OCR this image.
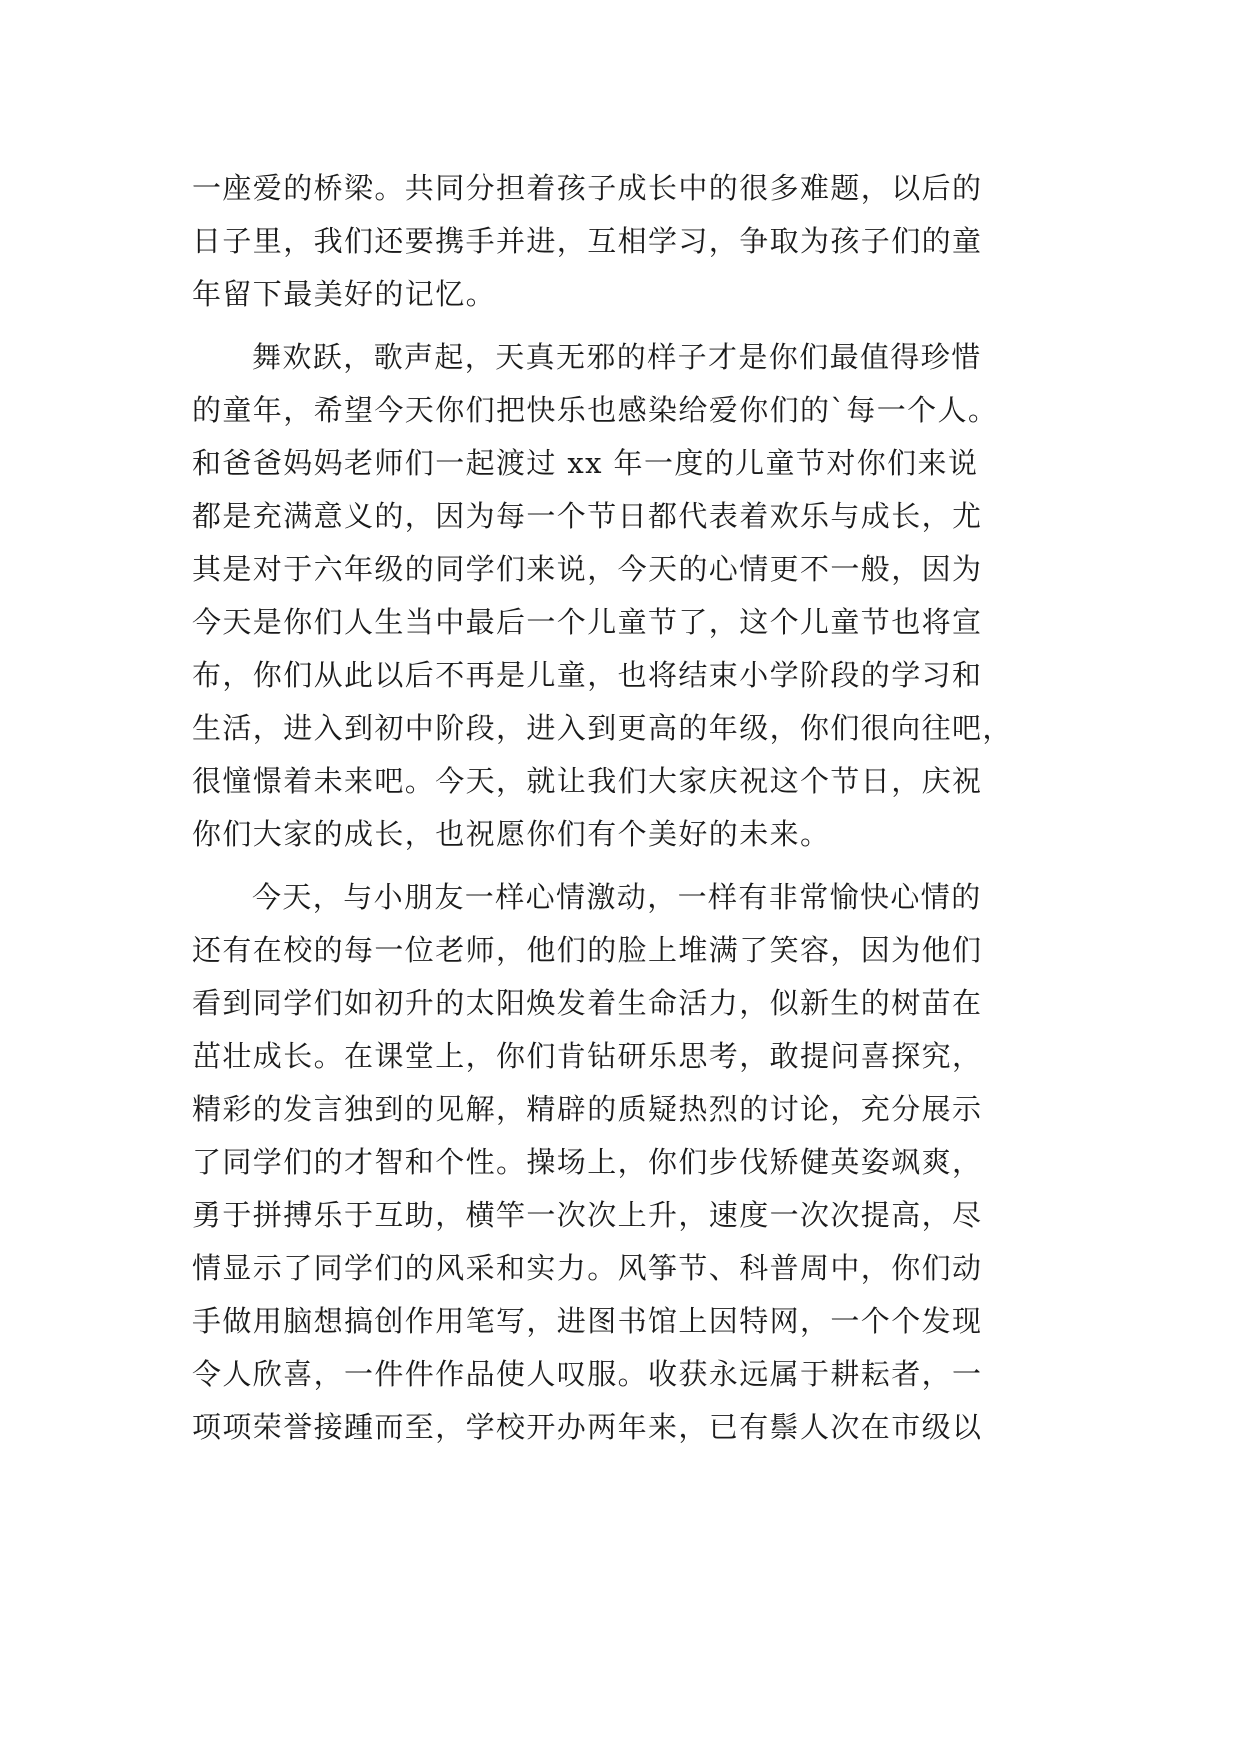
一座爱的桥梁。共同分担着孩子成长中的很多难题，以后的
日子里，我们还要携手并进，互相学习，争取为孩子们的童
年留下最美好的记忆。
舞欢跃，歌声起，天真无邪的样子才是你们最值得珍惜
的童年，希望今天你们把快乐也感染给爱你们的`每一个人。
和爸爸妈妈老师们一起渡过 xx 年一度的儿童节对你们来说
都是充满意义的，因为每一个节日都代表着欢乐与成长，尤
其是对于六年级的同学们来说，今天的心情更不一般，因为
今天是你们人生当中最后一个儿童节了，这个儿童节也将宣
布，你们从此以后不再是儿童，也将结束小学阶段的学习和
生活，进入到初中阶段，进入到更高的年级，你们很向往吧，
很憧憬着未来吧。今天，就让我们大家庆祝这个节日，庆祝
你们大家的成长，也祝愿你们有个美好的未来。
今天，与小朋友一样心情激动，一样有非常愉快心情的
还有在校的每一位老师，他们的脸上堆满了笑容，因为他们
看到同学们如初升的太阳焕发着生命活力，似新生的树苗在
茁壮成长。在课堂上，你们肯钻研乐思考，敢提问喜探究，
精彩的发言独到的见解，精辟的质疑热烈的讨论，充分展示
了同学们的才智和个性。操场上，你们步伐矫健英姿飒爽，
勇于拼搏乐于互助，横竿一次次上升，速度一次次提高，尽
情显示了同学们的风采和实力。风筝节、科普周中，你们动
手做用脑想搞创作用笔写，进图书馆上因特网，一个个发现
令人欣喜，一件件作品使人叹服。收获永远属于耕耘者，一
项项荣誉接踵而至，学校开办两年来，已有鬃人次在市级以
